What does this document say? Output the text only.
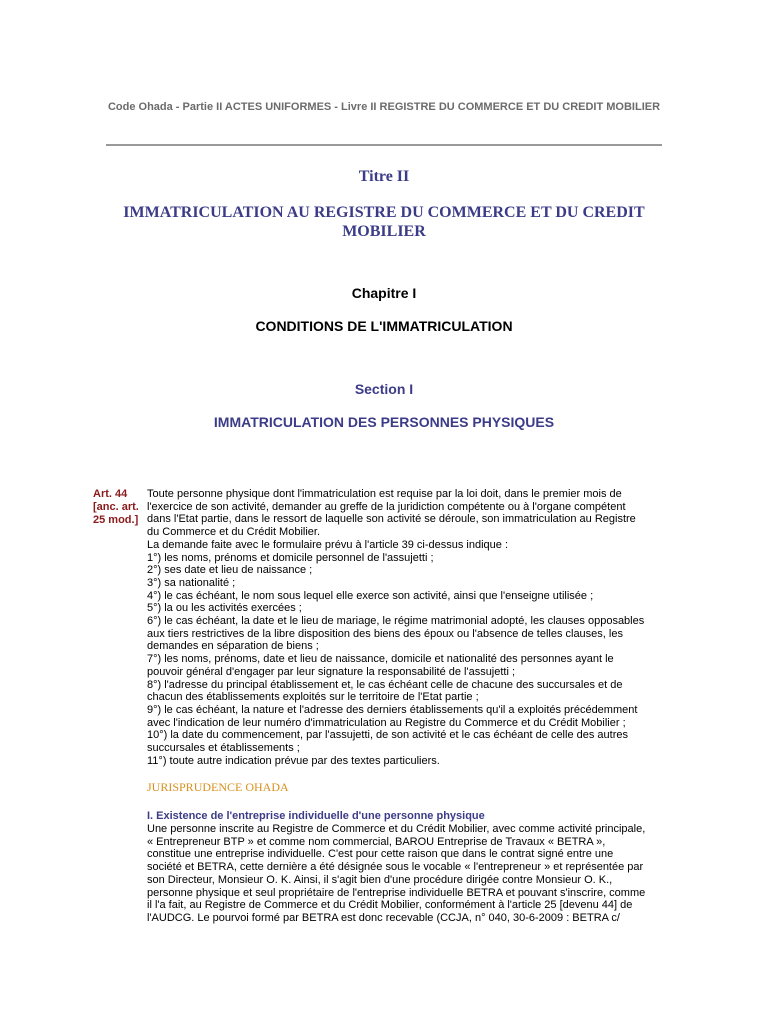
Code Ohada - Partie II ACTES UNIFORMES - Livre II REGISTRE DU COMMERCE ET DU CREDIT MOBILIER
Titre II
IMMATRICULATION AU REGISTRE DU COMMERCE ET DU CREDIT MOBILIER
Chapitre I
CONDITIONS DE L'IMMATRICULATION
Section I
IMMATRICULATION DES PERSONNES PHYSIQUES
Art. 44
[anc. art.
25 mod.]

Toute personne physique dont l'immatriculation est requise par la loi doit, dans le premier mois de

l'exercice de son activité, demander au greffe de la juridiction compétente ou à l'organe compétent

dans l'Etat partie, dans le ressort de laquelle son activité se déroule, son immatriculation au Registre

du Commerce et du Crédit Mobilier.

La demande faite avec le formulaire prévu à l'article 39 ci-dessus indique :

1°) les noms, prénoms et domicile personnel de l'assujetti ;

2°) ses date et lieu de naissance ;

3°) sa nationalité ;

4°) le cas échéant, le nom sous lequel elle exerce son activité, ainsi que l'enseigne utilisée ;

5°) la ou les activités exercées ;

6°) le cas échéant, la date et le lieu de mariage, le régime matrimonial adopté, les clauses opposables

aux tiers restrictives de la libre disposition des biens des époux ou l'absence de telles clauses, les

demandes en séparation de biens ;

7°) les noms, prénoms, date et lieu de naissance, domicile et nationalité des personnes ayant le

pouvoir général d'engager par leur signature la responsabilité de l'assujetti ;

8°) l'adresse du principal établissement et, le cas échéant celle de chacune des succursales et de

chacun des établissements exploités sur le territoire de l'Etat partie ;

9°) le cas échéant, la nature et l'adresse des derniers établissements qu'il a exploités précédemment

avec l'indication de leur numéro d'immatriculation au Registre du Commerce et du Crédit Mobilier ;

10°) la date du commencement, par l'assujetti, de son activité et le cas échéant de celle des autres

succursales et établissements ;

11°) toute autre indication prévue par des textes particuliers.

JURISPRUDENCE OHADA
I. Existence de l'entreprise individuelle d'une personne physique

Une personne inscrite au Registre de Commerce et du Crédit Mobilier, avec comme activité principale,

« Entrepreneur BTP » et comme nom commercial, BAROU Entreprise de Travaux « BETRA »,

constitue une entreprise individuelle. C'est pour cette raison que dans le contrat signé entre une

société et BETRA, cette dernière a été désignée sous le vocable « l'entrepreneur » et représentée par

son Directeur, Monsieur O. K. Ainsi, il s'agit bien d'une procédure dirigée contre Monsieur O. K.,

personne physique et seul propriétaire de l'entreprise individuelle BETRA et pouvant s'inscrire, comme

il l'a fait, au Registre de Commerce et du Crédit Mobilier, conformément à l'article 25 [devenu 44] de

l'AUDCG. Le pourvoi formé par BETRA est donc recevable (CCJA, n° 040, 30-6-2009 : BETRA c/
